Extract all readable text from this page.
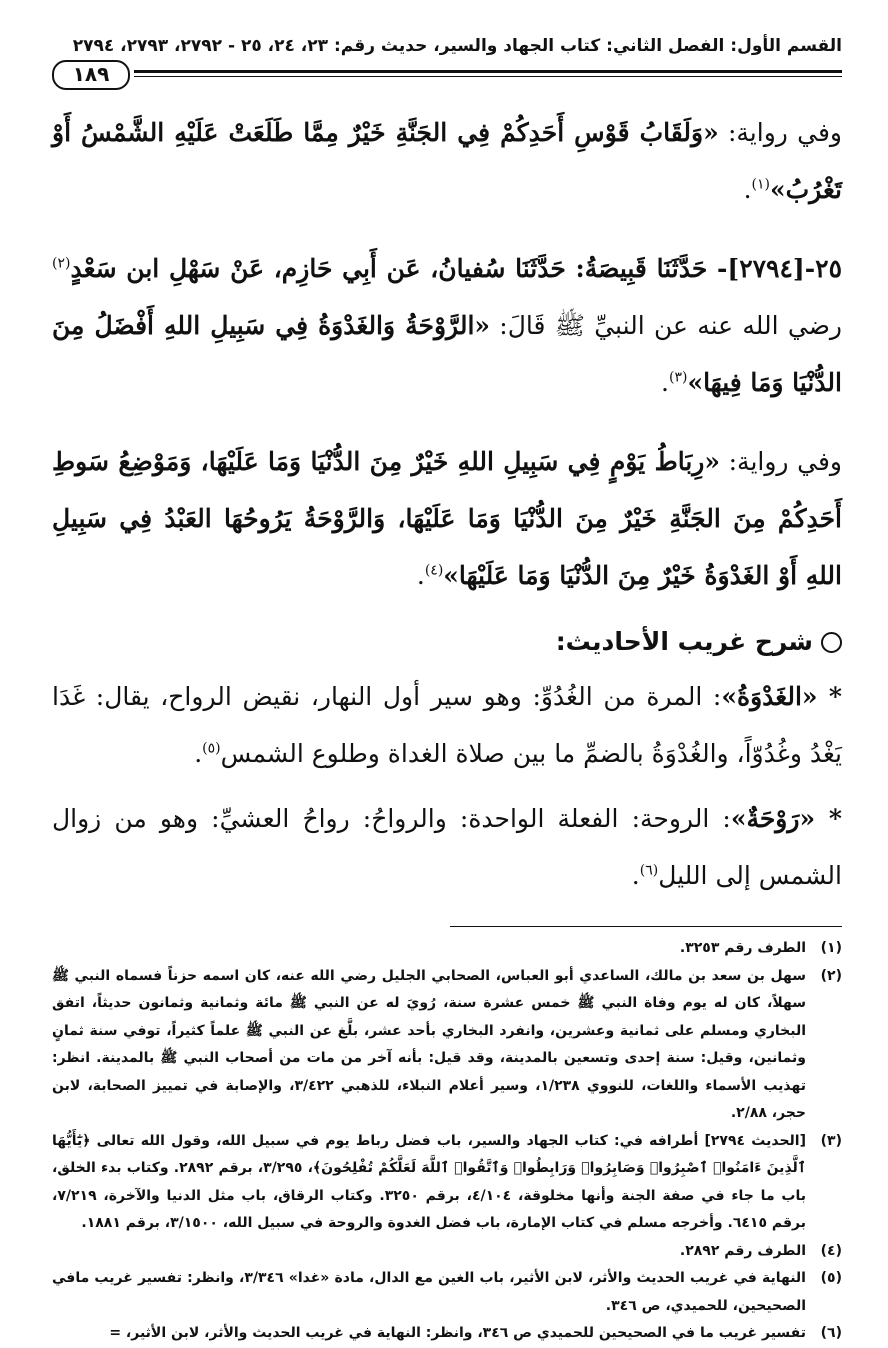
القسم الأول: الفصل الثاني: كتاب الجهاد والسير، حديث رقم: ٢٣، ٢٤، ٢٥ - ٢٧٩٢، ٢٧٩٣، ٢٧٩٤
١٨٩

وفي رواية: «وَلَقَابُ قَوْسِ أَحَدِكُمْ فِي الجَنَّةِ خَيْرٌ مِمَّا طَلَعَتْ عَلَيْهِ الشَّمْسُ أَوْ تَغْرُبُ»$^{(١)}$.

٢٥-[٢٧٩٤]- حَدَّثَنَا قَبِيصَةُ: حَدَّثَنَا سُفيانُ، عَن أَبِي حَازِم، عَنْ سَهْلِ ابن سَعْدٍ$^{(٢)}$ رضي الله عنه عن النبيِّ ﷺ قَالَ: «الرَّوْحَةُ وَالغَدْوَةُ فِي سَبِيلِ اللهِ أَفْضَلُ مِنَ الدُّنْيَا وَمَا فِيهَا»$^{(٣)}$.

وفي رواية: «رِبَاطُ يَوْمٍ فِي سَبِيلِ اللهِ خَيْرٌ مِنَ الدُّنْيَا وَمَا عَلَيْهَا، وَمَوْضِعُ سَوطِ أَحَدِكُمْ مِنَ الجَنَّةِ خَيْرٌ مِنَ الدُّنْيَا وَمَا عَلَيْهَا، وَالرَّوْحَةُ يَرُوحُهَا العَبْدُ فِي سَبِيلِ اللهِ أَوْ الغَدْوَةُ خَيْرٌ مِنَ الدُّنْيَا وَمَا عَلَيْهَا»$^{(٤)}$.

شرح غريب الأحاديث:

* «الغَدْوَةُ»: المرة من الغُدُوِّ: وهو سير أول النهار، نقيض الرواح، يقال: غَدَا يَغْدُ وغُدُوّاً، والغُدْوَةُ بالضمِّ ما بين صلاة الغداة وطلوع الشمس$^{(٥)}$.

* «رَوْحَةٌ»: الروحة: الفعلة الواحدة: والرواحُ: رواحُ العشيِّ: وهو من زوال الشمس إلى الليل$^{(٦)}$.

(١)
الطرف رقم ٣٢٥٣.
(٢)
سهل بن سعد بن مالك، الساعدي أبو العباس، الصحابي الجليل رضي الله عنه، كان اسمه حزناً فسماه النبي ﷺ سهلاً، كان له يوم وفاة النبي ﷺ خمس عشرة سنة، رُويَ له عن النبي ﷺ مائة وثمانية وثمانون حديثاً، اتفق البخاري ومسلم على ثمانية وعشرين، وانفرد البخاري بأحد عشر، بلَّغ عن النبي ﷺ علماً كثيراً، توفي سنة ثمانٍ وثمانين، وقيل: سنة إحدى وتسعين بالمدينة، وقد قيل: بأنه آخر من مات من أصحاب النبي ﷺ بالمدينة. انظر: تهذيب الأسماء واللغات، للنووي ١/٢٣٨، وسير أعلام النبلاء، للذهبي ٣/٤٢٢، والإصابة في تمييز الصحابة، لابن حجر، ٢/٨٨.
(٣)
[الحديث ٢٧٩٤] أطرافه في: كتاب الجهاد والسير، باب فضل رباط يوم في سبيل الله، وقول الله تعالى ﴿يَٰٓأَيُّهَا ٱلَّذِينَ ءَامَنُوا۟ ٱصْبِرُوا۟ وَصَابِرُوا۟ وَرَابِطُوا۟ وَٱتَّقُوا۟ ٱللَّهَ لَعَلَّكُمْ تُفْلِحُونَ﴾، ٣/٢٩٥، برقم ٢٨٩٢. وكتاب بدء الخلق، باب ما جاء في صفة الجنة وأنها مخلوقة، ٤/١٠٤، برقم ٣٢٥٠. وكتاب الرقاق، باب مثل الدنيا والآخرة، ٧/٢١٩، برقم ٦٤١٥. وأخرجه مسلم في كتاب الإمارة، باب فضل الغدوة والروحة في سبيل الله، ٣/١٥٠٠، برقم ١٨٨١.
(٤)
الطرف رقم ٢٨٩٢.
(٥)
النهاية في غريب الحديث والأثر، لابن الأثير، باب الغين مع الدال، مادة «غدا» ٣/٣٤٦، وانظر: تفسير غريب مافي الصحيحين، للحميدي، ص ٣٤٦.
(٦)
تفسير غريب ما في الصحيحين للحميدي ص ٣٤٦، وانظر: النهاية في غريب الحديث والأثر، لابن الأثير، =
